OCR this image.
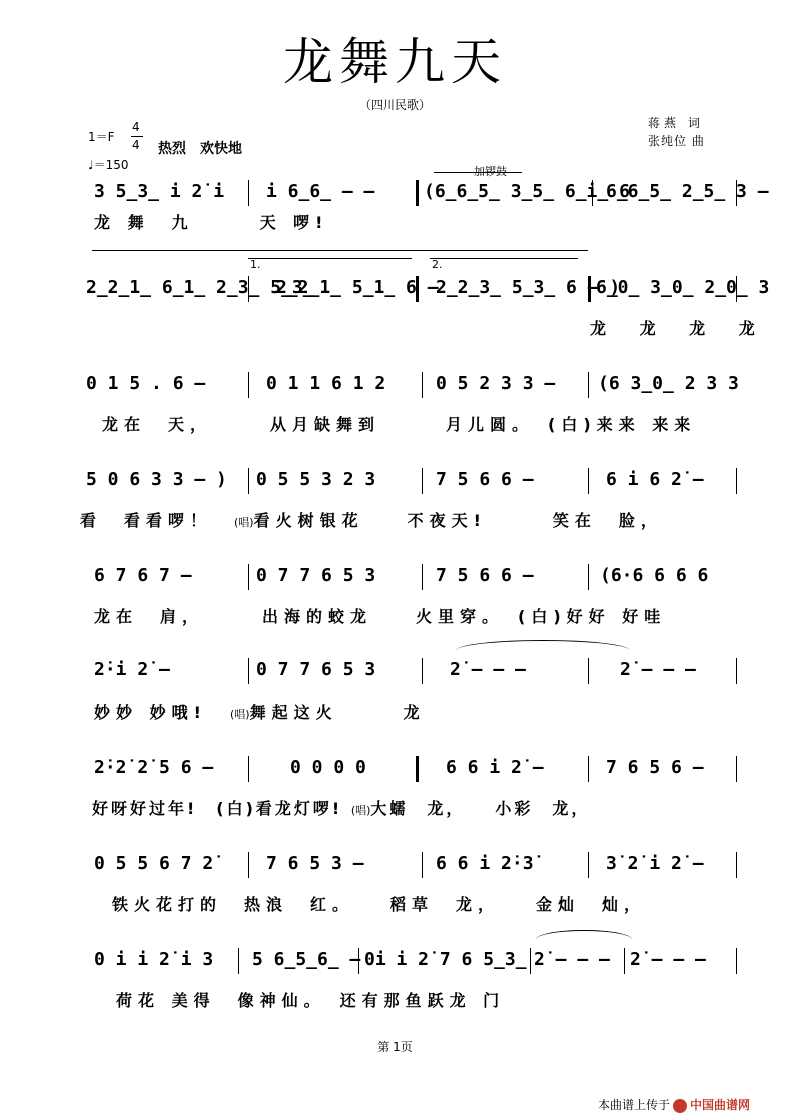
龙舞九天
（四川民歌）
蒋燕 词
张纯位 曲
1＝F
4
4
♩＝150
热烈　欢快地
加锣鼓
3 5̲3̲ i 2̇ i i 6̲6̲ – –	(6̲6̲5̲ 3̲5̲ 6̲i̲ 6
6̲6̲5̲ 2̲5̲ 3 –
龙 舞　九　　　天 啰!
1.	2.
2̲2̲1̲ 6̲1̲ 2̲3̲ 5̲3̲
2̲2̲1̲ 5̲1̲ 6 –
2̲2̲3̲ 5̲3̲ 6 – )
6̲0̲ 3̲0̲ 2̲0̲ 3
龙 龙 龙 龙
0 1 5 . 6 –	0 1 1 6 1 2	0 5 2 3 3 – (6 3̲0̲ 2 3 3
龙在　天，　　　从月缺舞到　　　月儿圆。　(白)来来 来来
5 0 6 3 3 – ) 0 5 5 3 2 3	7 5 6 6 –	6 i 6 2̇ –
看　看看啰！　(唱)看火树银花　　不夜天!　　　笑在　脸，
6 7 6 7 –	0 7 7 6 5 3	7 5 6 6 –	(6·6 6 6 6
龙在　肩，　　　出海的蛟龙　　火里穿。　(白)好好 好哇
2̇·i 2̇ –	0 7 7 6 5 3	2̇ – – –	2̇ – – –
妙妙 妙哦! (唱)舞起这火　　　龙
2̇·2̇ 2̇ 5 6 –	0 0 0 0	6 6 i 2̇ –	7 6 5 6 –
好呀好过年!　(白)看龙灯啰! (唱)大蠕　龙，　　小彩　龙，
0 5 5 6 7 2̇	7 6 5 3 –	6 6 i 2̇·3̇	3̇ 2̇ i 2̇ –
铁火花打的　热浪　红。　　稻草　龙，　　金灿　灿，
0 i i 2̇ i 3 5 6̲5̲6̲ – 0i i 2̇ 7 6 5̲3̲ 2̇ – – – 2̇ – – –
荷花 美得　像神仙。　还有那鱼跃龙 门
第 1页
本曲谱上传于 中国曲谱网
